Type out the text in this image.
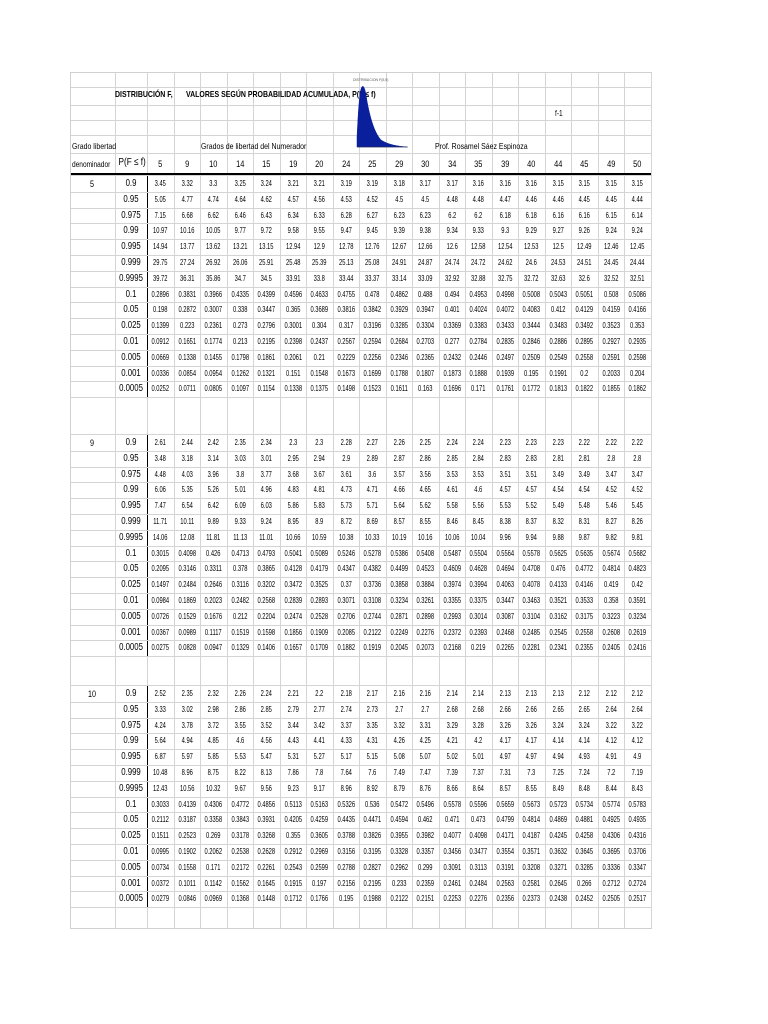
DISTRIBUCIÓN F, VALORES SEGÚN PROBABILIDAD ACUMULADA, P(F ≤ f)
DISTRIBUCION F(5,5)
f-1
Grado libertad	Grados de libertad del Numerador	Prof. Rosamel Sáez Espinoza
denominador P(F ≤ f)	5	9	10	14	15	19	20	24	25	29	30	34	35	39	40	44	45	49	50
5	0.9	3.45	3.32	3.3	3.25	3.24	3.21	3.21	3.19	3.19	3.18	3.17	3.17	3.16	3.16	3.16	3.15	3.15	3.15	3.15
0.95	5.05	4.77	4.74	4.64	4.62	4.57	4.56	4.53	4.52	4.5	4.5	4.48	4.48	4.47	4.46	4.46	4.45	4.45	4.44
0.975	7.15	6.68	6.62	6.46	6.43	6.34	6.33	6.28	6.27	6.23	6.23	6.2	6.2	6.18	6.18	6.16	6.16	6.15	6.14
0.99	10.97 10.16 10.05	9.77	9.72	9.58	9.55	9.47	9.45	9.39	9.38	9.34	9.33	9.3	9.29	9.27	9.26	9.24	9.24
0.995	14.94 13.77 13.62 13.21 13.15 12.94	12.9	12.78 12.76 12.67 12.66	12.6	12.58 12.54 12.53	12.5	12.49 12.46 12.45
0.999	29.75 27.24 26.92 26.06 25.91 25.48 25.39 25.13 25.08 24.91 24.87 24.74 24.72 24.62	24.6	24.53 24.51 24.45 24.44
0.9995 39.72 36.31 35.86	34.7	34.5	33.91	33.8	33.44 33.37 33.14 33.09 32.92 32.88 32.75 32.72 32.63	32.6	32.52 32.51
0.1	0.2896 0.3831 0.3966 0.4335 0.4399 0.4596 0.4633 0.4755 0.478 0.4862 0.488 0.494 0.4953 0.4998 0.5008 0.5043 0.5051 0.508 0.5086
0.05	0.198 0.2872 0.3007 0.338 0.3447 0.365 0.3689 0.3816 0.3842 0.3929 0.3947 0.401 0.4024 0.4072 0.4083 0.412 0.4129 0.4159 0.4166
0.025	0.1399 0.223 0.2361 0.273 0.2796 0.3001 0.304 0.317 0.3196 0.3285 0.3304 0.3369 0.3383 0.3433 0.3444 0.3483 0.3492 0.3523 0.353
0.01	0.0912 0.1651 0.1774 0.213 0.2195 0.2398 0.2437 0.2567 0.2594 0.2684 0.2703 0.277 0.2784 0.2835 0.2846 0.2886 0.2895 0.2927 0.2935
0.005	0.0669 0.1338 0.1455 0.1798 0.1861 0.2061	0.21	0.2229 0.2256 0.2346 0.2365 0.2432 0.2446 0.2497 0.2509 0.2549 0.2558 0.2591 0.2598
0.001	0.0336 0.0854 0.0954 0.1262 0.1321 0.151 0.1548 0.1673 0.1699 0.1788 0.1807 0.1873 0.1888 0.1939 0.195 0.1991	0.2	0.2033 0.204
0.0005 0.0252 0.0711 0.0805 0.1097 0.1154 0.1338 0.1375 0.1498 0.1523 0.1611 0.163 0.1696 0.171 0.1761 0.1772 0.1813 0.1822 0.1855 0.1862
9	0.9	2.61	2.44	2.42	2.35	2.34	2.3	2.3	2.28	2.27	2.26	2.25	2.24	2.24	2.23	2.23	2.23	2.22	2.22	2.22
0.95	3.48	3.18	3.14	3.03	3.01	2.95	2.94	2.9	2.89	2.87	2.86	2.85	2.84	2.83	2.83	2.81	2.81	2.8	2.8
0.975	4.48	4.03	3.96	3.8	3.77	3.68	3.67	3.61	3.6	3.57	3.56	3.53	3.53	3.51	3.51	3.49	3.49	3.47	3.47
0.99	6.06	5.35	5.26	5.01	4.96	4.83	4.81	4.73	4.71	4.66	4.65	4.61	4.6	4.57	4.57	4.54	4.54	4.52	4.52
0.995	7.47	6.54	6.42	6.09	6.03	5.86	5.83	5.73	5.71	5.64	5.62	5.58	5.56	5.53	5.52	5.49	5.48	5.46	5.45
0.999	11.71	10.11	9.89	9.33	9.24	8.95	8.9	8.72	8.69	8.57	8.55	8.46	8.45	8.38	8.37	8.32	8.31	8.27	8.26
0.9995 14.06 12.08	11.81	11.13	11.01	10.66 10.59 10.38 10.33 10.19 10.16 10.06 10.04	9.96	9.94	9.88	9.87	9.82	9.81
0.1	0.3015 0.4098 0.426 0.4713 0.4793 0.5041 0.5089 0.5246 0.5278 0.5386 0.5408 0.5487 0.5504 0.5564 0.5578 0.5625 0.5635 0.5674 0.5682
0.05	0.2095 0.3146 0.3311 0.378 0.3865 0.4128 0.4179 0.4347 0.4382 0.4499 0.4523 0.4609 0.4628 0.4694 0.4708 0.476 0.4772 0.4814 0.4823
0.025	0.1497 0.2484 0.2646 0.3116 0.3202 0.3472 0.3525	0.37	0.3736 0.3858 0.3884 0.3974 0.3994 0.4063 0.4078 0.4133 0.4146 0.419	0.42
0.01	0.0984 0.1869 0.2023 0.2482 0.2568 0.2839 0.2893 0.3071 0.3108 0.3234 0.3261 0.3355 0.3375 0.3447 0.3463 0.3521 0.3533 0.358 0.3591
0.005	0.0726 0.1529 0.1676 0.212 0.2204 0.2474 0.2528 0.2706 0.2744 0.2871 0.2898 0.2993 0.3014 0.3087 0.3104 0.3162 0.3175 0.3223 0.3234
0.001	0.0367 0.0989 0.1117 0.1519 0.1598 0.1856 0.1909 0.2085 0.2122 0.2249 0.2276 0.2372 0.2393 0.2468 0.2485 0.2545 0.2558 0.2608 0.2619
0.0005 0.0275 0.0828 0.0947 0.1329 0.1406 0.1657 0.1709 0.1882 0.1919 0.2045 0.2073 0.2168 0.219 0.2265 0.2281 0.2341 0.2355 0.2405 0.2416
10	0.9	2.52	2.35	2.32	2.26	2.24	2.21	2.2	2.18	2.17	2.16	2.16	2.14	2.14	2.13	2.13	2.13	2.12	2.12	2.12
0.95	3.33	3.02	2.98	2.86	2.85	2.79	2.77	2.74	2.73	2.7	2.7	2.68	2.68	2.66	2.66	2.65	2.65	2.64	2.64
0.975	4.24	3.78	3.72	3.55	3.52	3.44	3.42	3.37	3.35	3.32	3.31	3.29	3.28	3.26	3.26	3.24	3.24	3.22	3.22
0.99	5.64	4.94	4.85	4.6	4.56	4.43	4.41	4.33	4.31	4.26	4.25	4.21	4.2	4.17	4.17	4.14	4.14	4.12	4.12
0.995	6.87	5.97	5.85	5.53	5.47	5.31	5.27	5.17	5.15	5.08	5.07	5.02	5.01	4.97	4.97	4.94	4.93	4.91	4.9
0.999	10.48	8.96	8.75	8.22	8.13	7.86	7.8	7.64	7.6	7.49	7.47	7.39	7.37	7.31	7.3	7.25	7.24	7.2	7.19
0.9995 12.43 10.56 10.32	9.67	9.56	9.23	9.17	8.96	8.92	8.79	8.76	8.66	8.64	8.57	8.55	8.49	8.48	8.44	8.43
0.1	0.3033 0.4139 0.4306 0.4772 0.4856 0.5113 0.5163 0.5326 0.536 0.5472 0.5496 0.5578 0.5596 0.5659 0.5673 0.5723 0.5734 0.5774 0.5783
0.05	0.2112 0.3187 0.3358 0.3843 0.3931 0.4205 0.4259 0.4435 0.4471 0.4594 0.462 0.471 0.473 0.4799 0.4814 0.4869 0.4881 0.4925 0.4935
0.025	0.1511 0.2523 0.269 0.3178 0.3268 0.355 0.3605 0.3788 0.3826 0.3955 0.3982 0.4077 0.4098 0.4171 0.4187 0.4245 0.4258 0.4306 0.4316
0.01	0.0995 0.1902 0.2062 0.2538 0.2628 0.2912 0.2969 0.3156 0.3195 0.3328 0.3357 0.3456 0.3477 0.3554 0.3571 0.3632 0.3645 0.3695 0.3706
0.005	0.0734 0.1558 0.171 0.2172 0.2261 0.2543 0.2599 0.2788 0.2827 0.2962 0.299 0.3091 0.3113 0.3191 0.3208 0.3271 0.3285 0.3336 0.3347
0.001	0.0372 0.1011 0.1142 0.1562 0.1645 0.1915 0.197 0.2156 0.2195 0.233 0.2359 0.2461 0.2484 0.2563 0.2581 0.2645 0.266 0.2712 0.2724
0.0005 0.0279 0.0846 0.0969 0.1368 0.1448 0.1712 0.1766 0.195 0.1988 0.2122 0.2151 0.2253 0.2276 0.2356 0.2373 0.2438 0.2452 0.2505 0.2517
